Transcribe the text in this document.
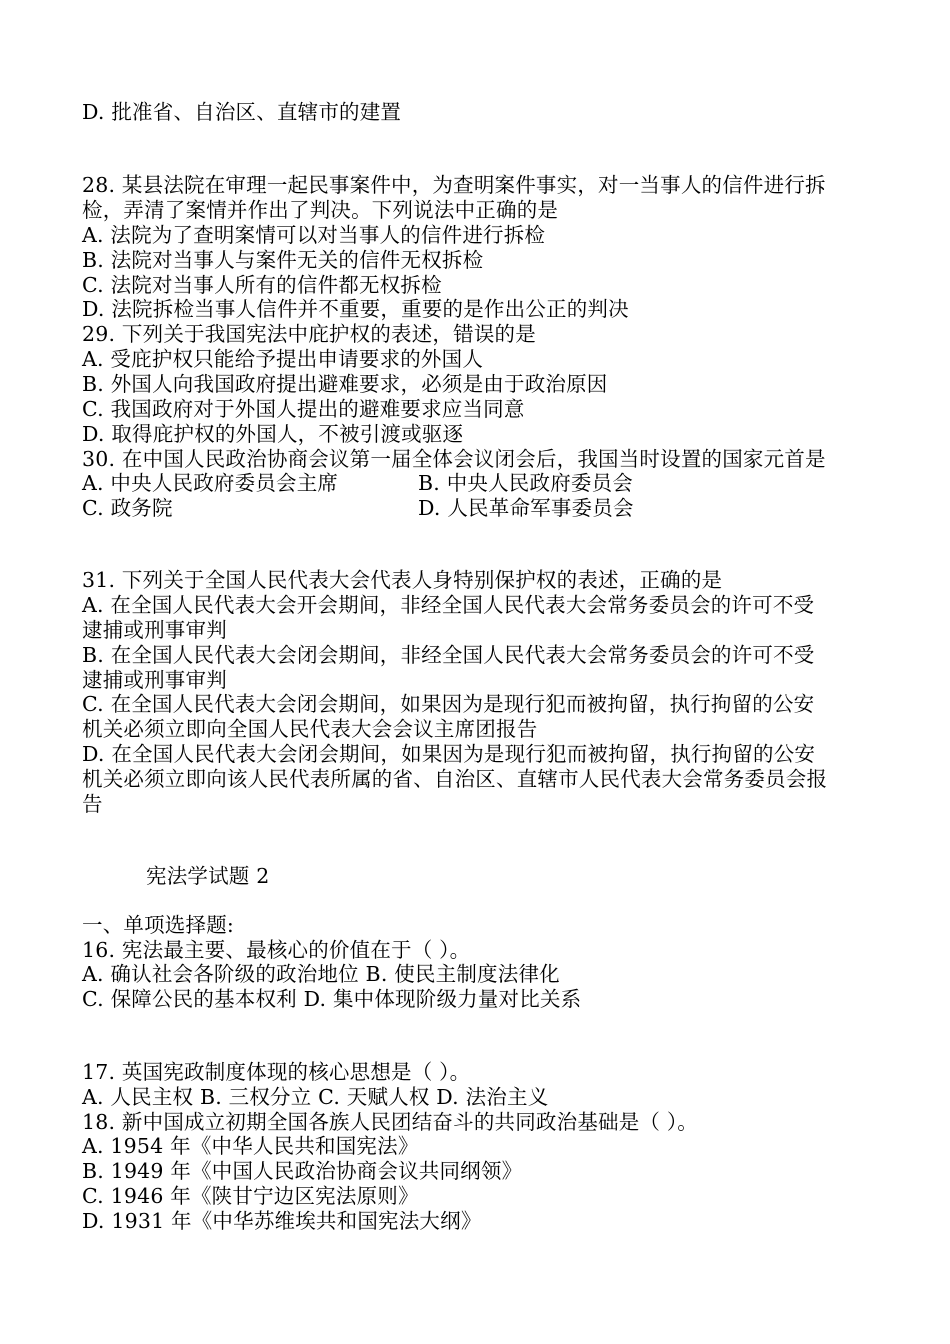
D. 批准省、自治区、直辖市的建置
28. 某县法院在审理一起民事案件中，为查明案件事实，对一当事人的信件进行拆
检，弄清了案情并作出了判决。下列说法中正确的是
A. 法院为了查明案情可以对当事人的信件进行拆检
B. 法院对当事人与案件无关的信件无权拆检
C. 法院对当事人所有的信件都无权拆检
D. 法院拆检当事人信件并不重要，重要的是作出公正的判决
29. 下列关于我国宪法中庇护权的表述，错误的是
A. 受庇护权只能给予提出申请要求的外国人
B. 外国人向我国政府提出避难要求，必须是由于政治原因
C. 我国政府对于外国人提出的避难要求应当同意
D. 取得庇护权的外国人，不被引渡或驱逐
30. 在中国人民政治协商会议第一届全体会议闭会后，我国当时设置的国家元首是
A. 中央人民政府委员会主席	B. 中央人民政府委员会
C. 政务院	D. 人民革命军事委员会
31. 下列关于全国人民代表大会代表人身特别保护权的表述，正确的是
A. 在全国人民代表大会开会期间，非经全国人民代表大会常务委员会的许可不受
逮捕或刑事审判
B. 在全国人民代表大会闭会期间，非经全国人民代表大会常务委员会的许可不受
逮捕或刑事审判
C. 在全国人民代表大会闭会期间，如果因为是现行犯而被拘留，执行拘留的公安
机关必须立即向全国人民代表大会会议主席团报告
D. 在全国人民代表大会闭会期间，如果因为是现行犯而被拘留，执行拘留的公安
机关必须立即向该人民代表所属的省、自治区、直辖市人民代表大会常务委员会报
告
宪法学试题 2
一、单项选择题:
16. 宪法最主要、最核心的价值在于（ ）。
A. 确认社会各阶级的政治地位 B. 使民主制度法律化
C. 保障公民的基本权利 D. 集中体现阶级力量对比关系
17. 英国宪政制度体现的核心思想是（ ）。
A. 人民主权 B. 三权分立 C. 天赋人权 D. 法治主义
18. 新中国成立初期全国各族人民团结奋斗的共同政治基础是（ ）。
A. 1954 年《中华人民共和国宪法》
B. 1949 年《中国人民政治协商会议共同纲领》
C. 1946 年《陕甘宁边区宪法原则》
D. 1931 年《中华苏维埃共和国宪法大纲》
